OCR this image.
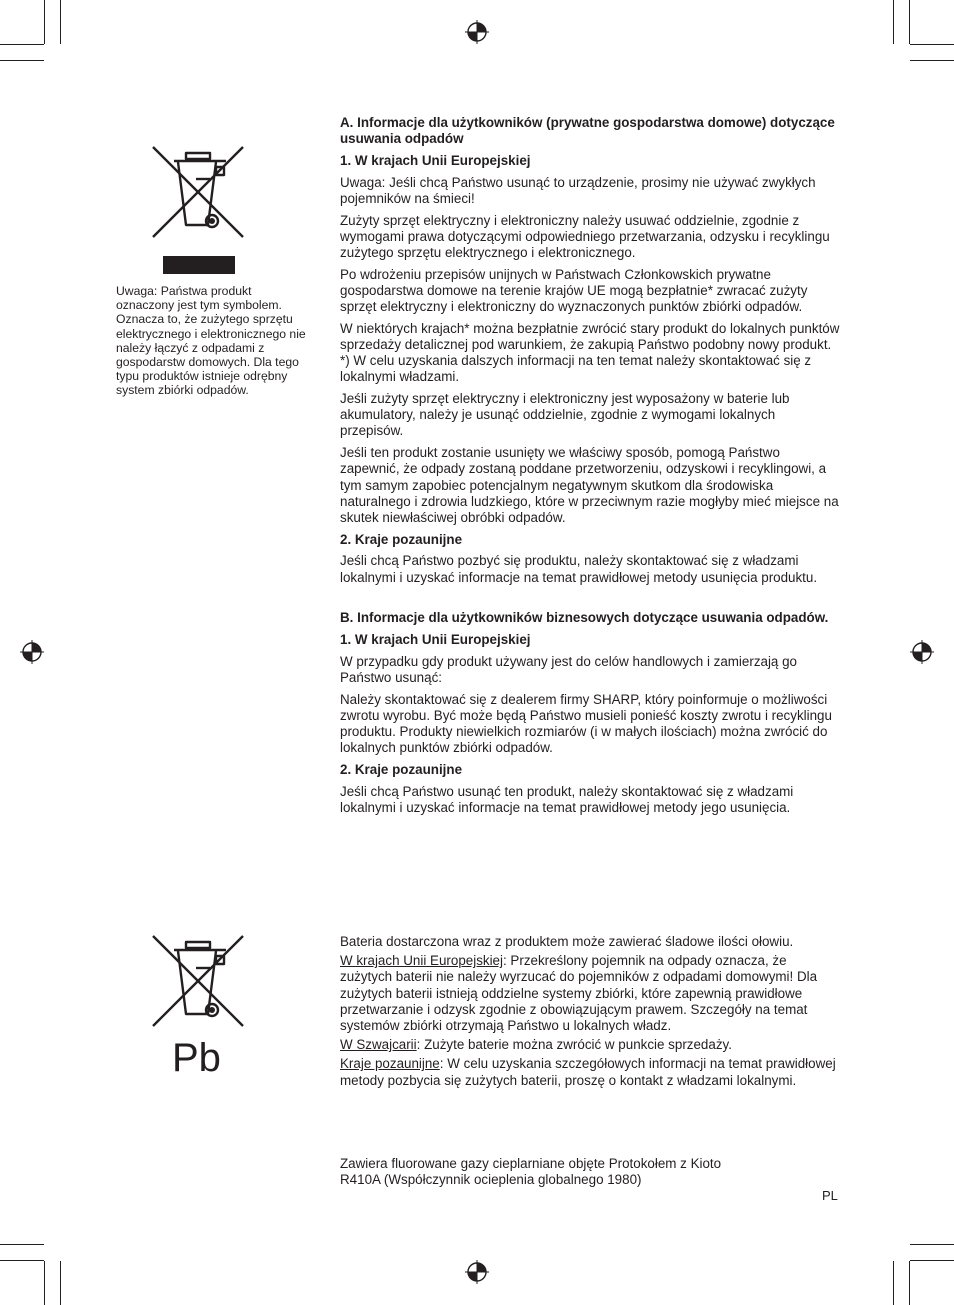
Uwaga: Państwa produkt oznaczony jest tym symbolem. Oznacza to, że zużytego sprzętu elektrycznego i elektronicznego nie należy łączyć z odpadami z gospodarstw domowych. Dla tego typu produktów istnieje odrębny system zbiórki odpadów.

A. Informacje dla użytkowników (prywatne gospodarstwa domowe) dotyczące usuwania odpadów

1. W krajach Unii Europejskiej

Uwaga: Jeśli chcą Państwo usunąć to urządzenie, prosimy nie używać zwykłych pojemników na śmieci!

Zużyty sprzęt elektryczny i elektroniczny należy usuwać oddzielnie, zgodnie z wymogami prawa dotyczącymi odpowiedniego przetwarzania, odzysku i recyklingu zużytego sprzętu elektrycznego i elektronicznego.

Po wdrożeniu przepisów unijnych w Państwach Członkowskich prywatne gospodarstwa domowe na terenie krajów UE mogą bezpłatnie* zwracać zużyty sprzęt elektryczny i elektroniczny do wyznaczonych punktów zbiórki odpadów.

W niektórych krajach* można bezpłatnie zwrócić stary produkt do lokalnych punktów sprzedaży detalicznej pod warunkiem, że zakupią Państwo podobny nowy produkt. *) W celu uzyskania dalszych informacji na ten temat należy skontaktować się z lokalnymi władzami.

Jeśli zużyty sprzęt elektryczny i elektroniczny jest wyposażony w baterie lub akumulatory, należy je usunąć oddzielnie, zgodnie z wymogami lokalnych przepisów.

Jeśli ten produkt zostanie usunięty we właściwy sposób, pomogą Państwo zapewnić, że odpady zostaną poddane przetworzeniu, odzyskowi i recyklingowi, a tym samym zapobiec potencjalnym negatywnym skutkom dla środowiska naturalnego i zdrowia ludzkiego, które w przeciwnym razie mogłyby mieć miejsce na skutek niewłaściwej obróbki odpadów.

2. Kraje pozaunijne

Jeśli chcą Państwo pozbyć się produktu, należy skontaktować się z władzami lokalnymi i uzyskać informacje na temat prawidłowej metody usunięcia produktu.

B. Informacje dla użytkowników biznesowych dotyczące usuwania odpadów.

1. W krajach Unii Europejskiej

W przypadku gdy produkt używany jest do celów handlowych i zamierzają go Państwo usunąć:

Należy skontaktować się z dealerem firmy SHARP, który poinformuje o możliwości zwrotu wyrobu. Być może będą Państwo musieli ponieść koszty zwrotu i recyklingu produktu. Produkty niewielkich rozmiarów (i w małych ilościach) można zwrócić do lokalnych punktów zbiórki odpadów.

2. Kraje pozaunijne

Jeśli chcą Państwo usunąć ten produkt, należy skontaktować się z władzami lokalnymi i uzyskać informacje na temat prawidłowej metody jego usunięcia.

Pb

Bateria dostarczona wraz z produktem może zawierać śladowe ilości ołowiu.

W krajach Unii Europejskiej: Przekreślony pojemnik na odpady oznacza, że zużytych baterii nie należy wyrzucać do pojemników z odpadami domowymi! Dla zużytych baterii istnieją oddzielne systemy zbiórki, które zapewnią prawidłowe przetwarzanie i odzysk zgodnie z obowiązującym prawem. Szczegóły na temat systemów zbiórki otrzymają Państwo u lokalnych władz.

W Szwajcarii: Zużyte baterie można zwrócić w punkcie sprzedaży.

Kraje pozaunijne: W celu uzyskania szczegółowych informacji na temat prawidłowej metody pozbycia się zużytych baterii, proszę o kontakt z władzami lokalnymi.

Zawiera fluorowane gazy cieplarniane objęte Protokołem z Kioto

R410A (Współczynnik ocieplenia globalnego 1980)

PL
